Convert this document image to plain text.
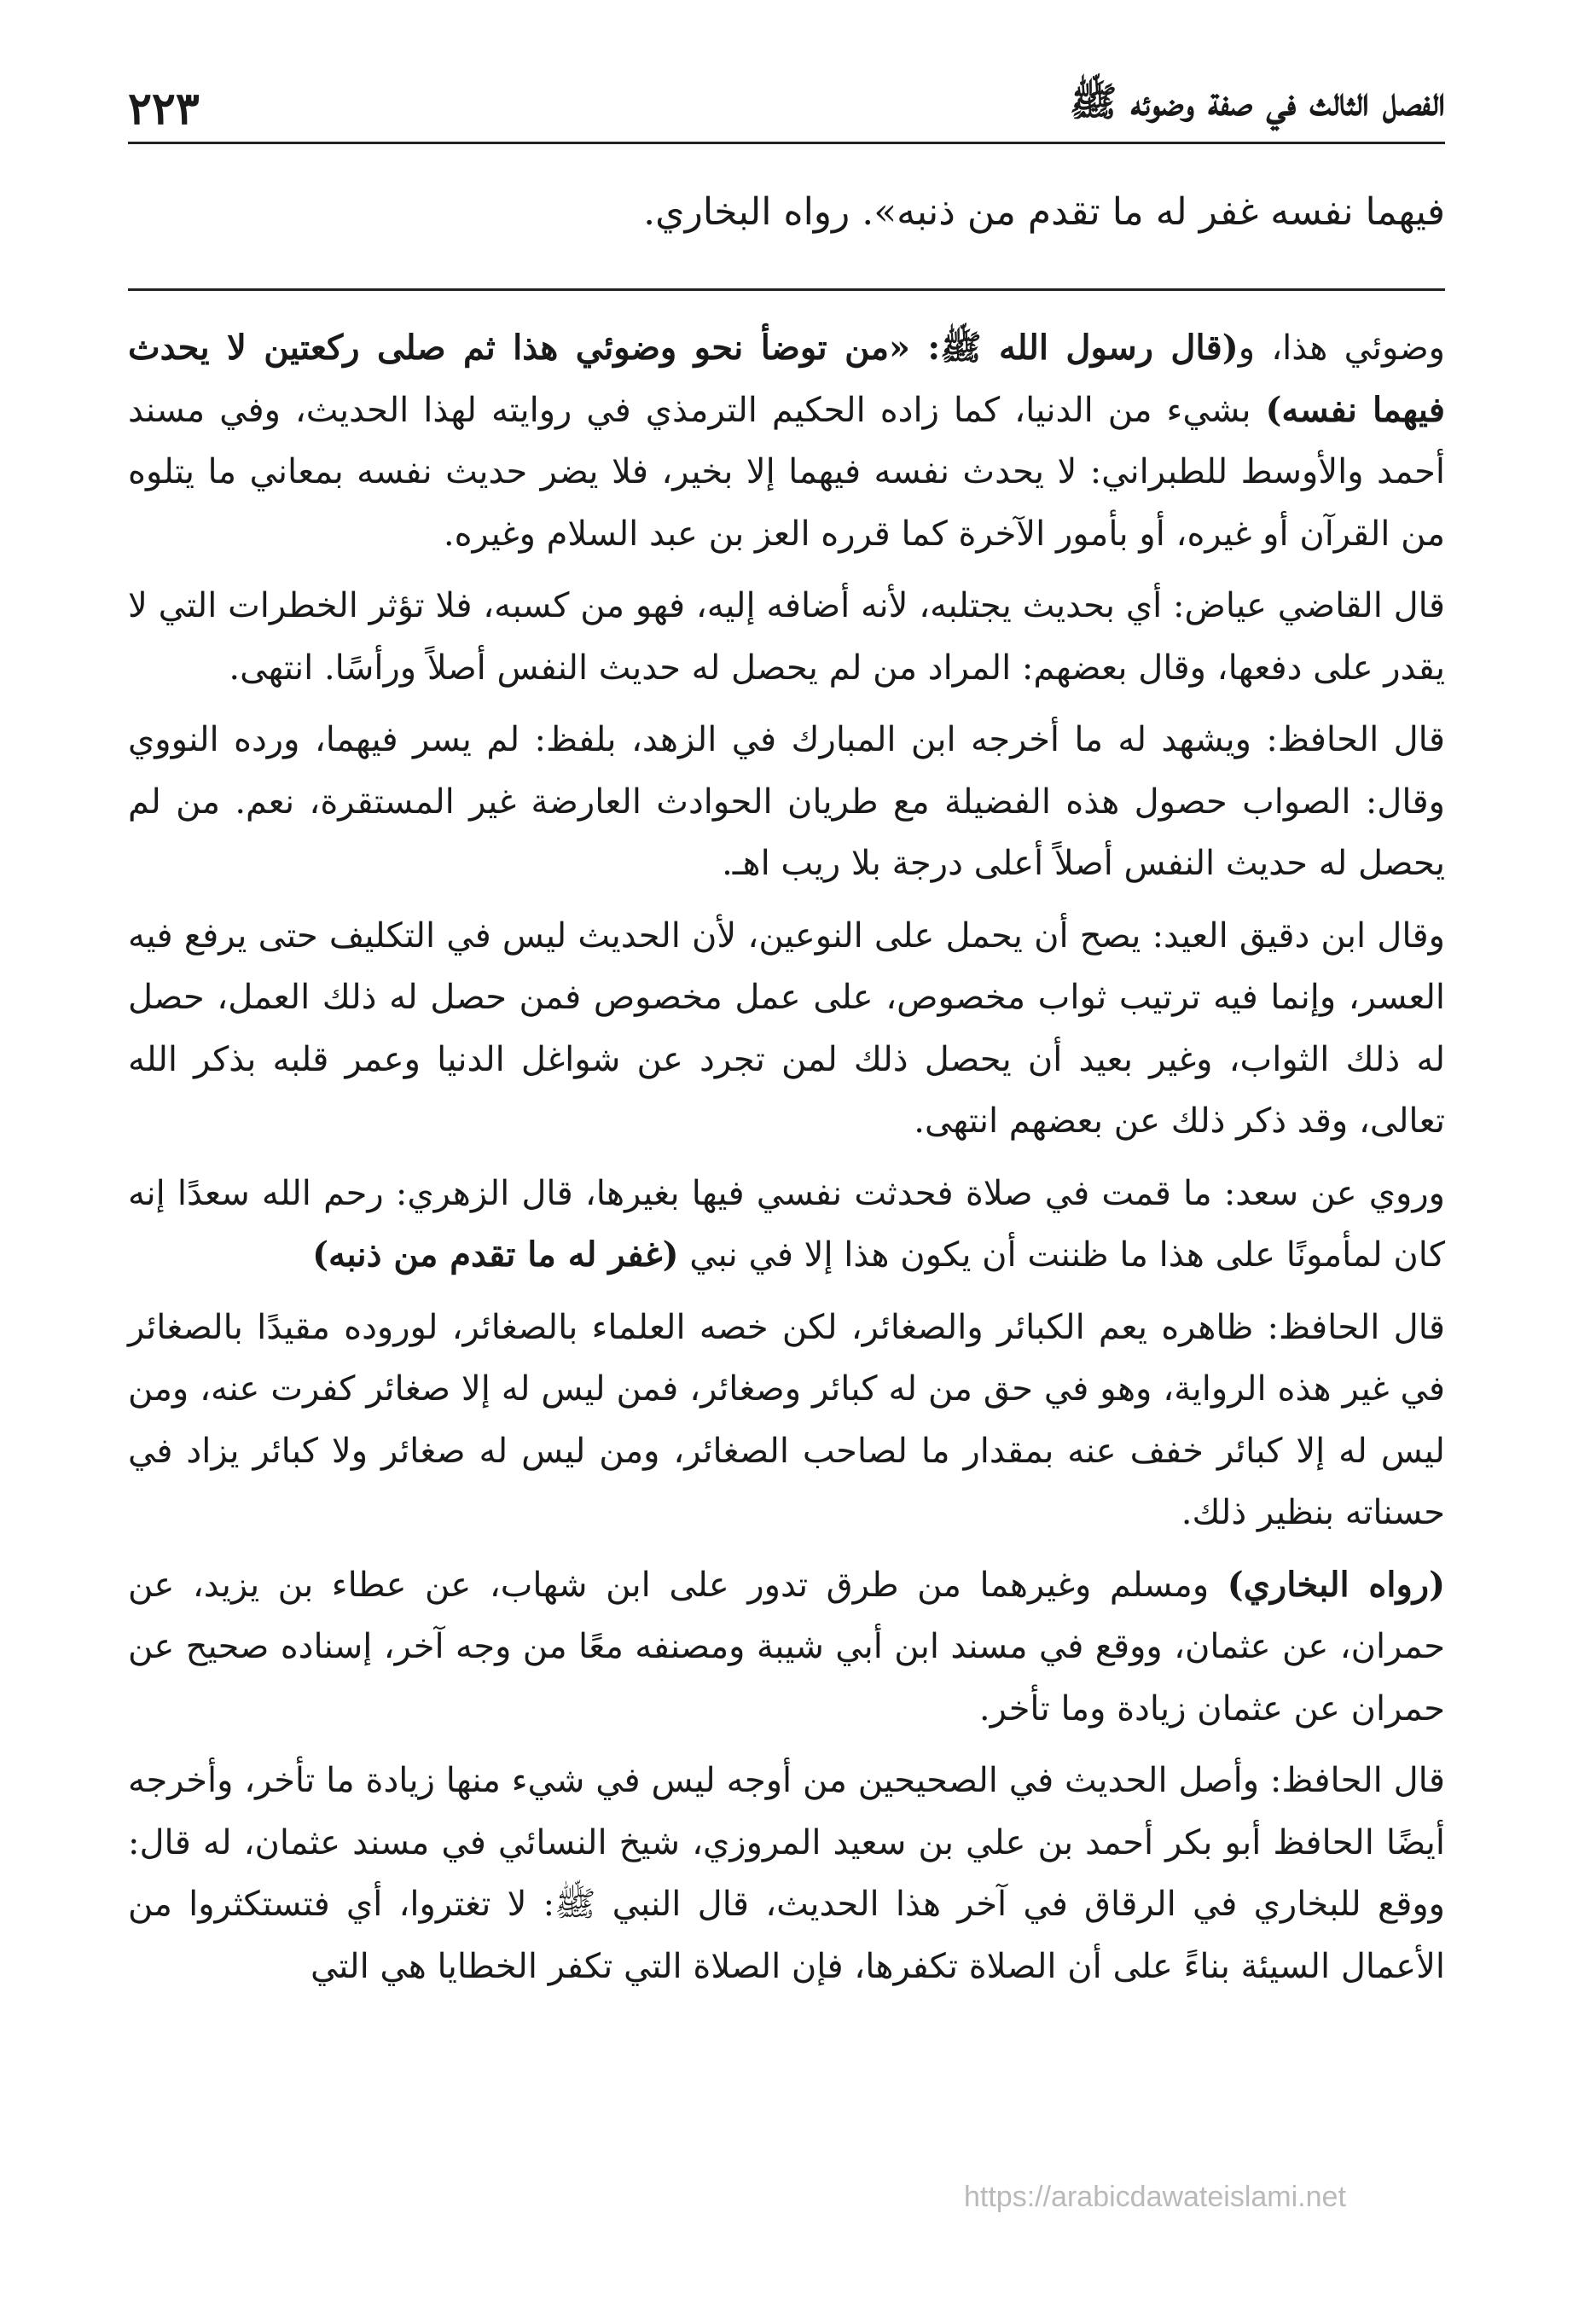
الفصل الثالث في صفة وضوئه ﷺ
٢٢٣
فيهما نفسه غفر له ما تقدم من ذنبه». رواه البخاري.

وضوئي هذا، و(قال رسول الله ﷺ: «من توضأ نحو وضوئي هذا ثم صلى ركعتين لا يحدث فيهما نفسه) بشيء من الدنيا، كما زاده الحكيم الترمذي في روايته لهذا الحديث، وفي مسند أحمد والأوسط للطبراني: لا يحدث نفسه فيهما إلا بخير، فلا يضر حديث نفسه بمعاني ما يتلوه من القرآن أو غيره، أو بأمور الآخرة كما قرره العز بن عبد السلام وغيره.

قال القاضي عياض: أي بحديث يجتلبه، لأنه أضافه إليه، فهو من كسبه، فلا تؤثر الخطرات التي لا يقدر على دفعها، وقال بعضهم: المراد من لم يحصل له حديث النفس أصلاً ورأسًا. انتهى.

قال الحافظ: ويشهد له ما أخرجه ابن المبارك في الزهد، بلفظ: لم يسر فيهما، ورده النووي وقال: الصواب حصول هذه الفضيلة مع طريان الحوادث العارضة غير المستقرة، نعم. من لم يحصل له حديث النفس أصلاً أعلى درجة بلا ريب اهـ.

وقال ابن دقيق العيد: يصح أن يحمل على النوعين، لأن الحديث ليس في التكليف حتى يرفع فيه العسر، وإنما فيه ترتيب ثواب مخصوص، على عمل مخصوص فمن حصل له ذلك العمل، حصل له ذلك الثواب، وغير بعيد أن يحصل ذلك لمن تجرد عن شواغل الدنيا وعمر قلبه بذكر الله تعالى، وقد ذكر ذلك عن بعضهم انتهى.

وروي عن سعد: ما قمت في صلاة فحدثت نفسي فيها بغيرها، قال الزهري: رحم الله سعدًا إنه كان لمأمونًا على هذا ما ظننت أن يكون هذا إلا في نبي (غفر له ما تقدم من ذنبه)

قال الحافظ: ظاهره يعم الكبائر والصغائر، لكن خصه العلماء بالصغائر، لوروده مقيدًا بالصغائر في غير هذه الرواية، وهو في حق من له كبائر وصغائر، فمن ليس له إلا صغائر كفرت عنه، ومن ليس له إلا كبائر خفف عنه بمقدار ما لصاحب الصغائر، ومن ليس له صغائر ولا كبائر يزاد في حسناته بنظير ذلك.

(رواه البخاري) ومسلم وغيرهما من طرق تدور على ابن شهاب، عن عطاء بن يزيد، عن حمران، عن عثمان، ووقع في مسند ابن أبي شيبة ومصنفه معًا من وجه آخر، إسناده صحيح عن حمران عن عثمان زيادة وما تأخر.

قال الحافظ: وأصل الحديث في الصحيحين من أوجه ليس في شيء منها زيادة ما تأخر، وأخرجه أيضًا الحافظ أبو بكر أحمد بن علي بن سعيد المروزي، شيخ النسائي في مسند عثمان، له قال: ووقع للبخاري في الرقاق في آخر هذا الحديث، قال النبي ﷺ: لا تغتروا، أي فتستكثروا من الأعمال السيئة بناءً على أن الصلاة تكفرها، فإن الصلاة التي تكفر الخطايا هي التي

https://arabicdawateislami.net
